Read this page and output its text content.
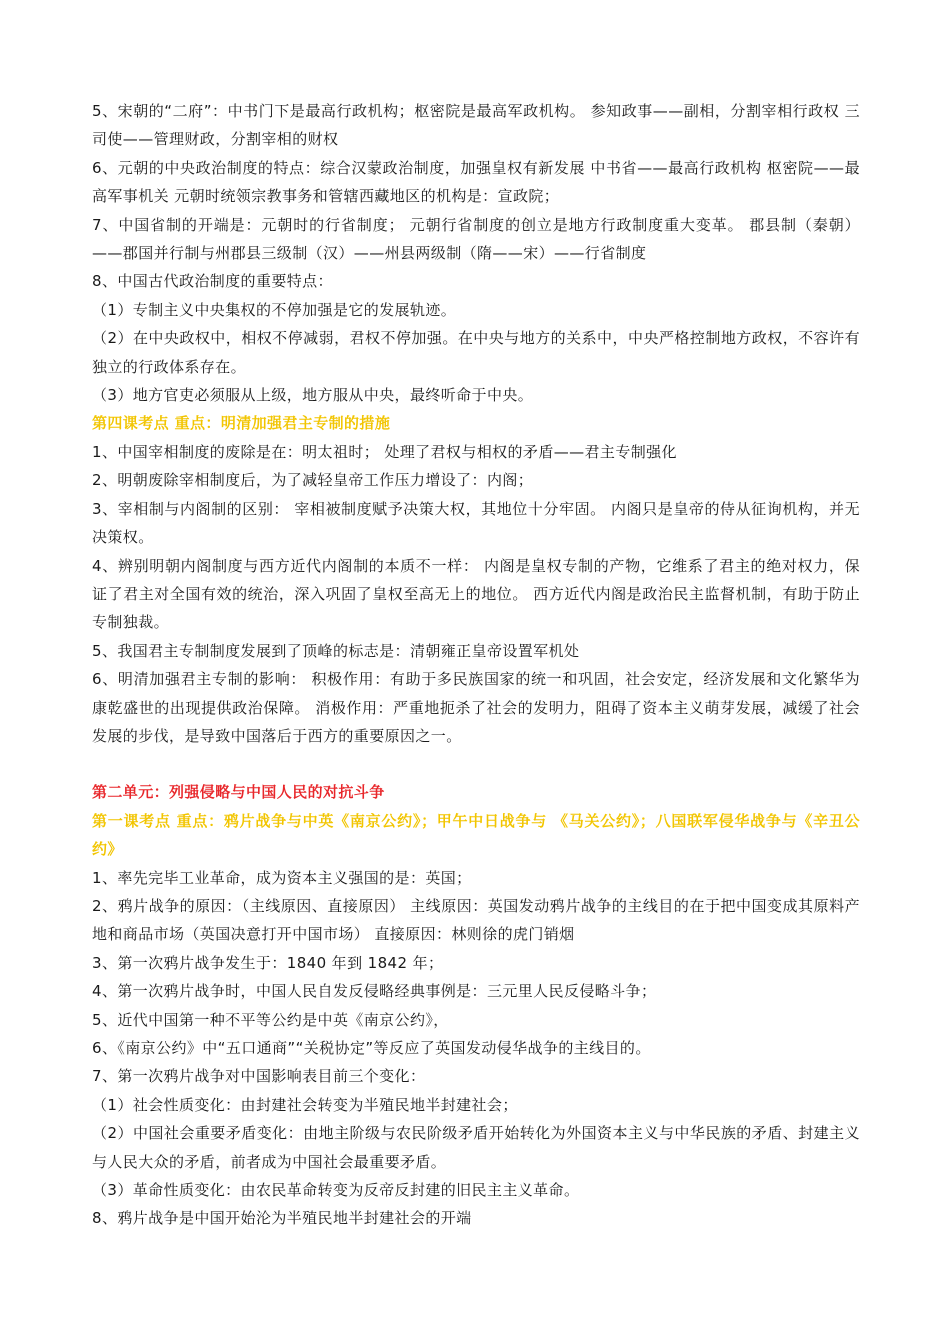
5、宋朝的“二府”：中书门下是最高行政机构；枢密院是最高军政机构。 参知政事——副相，分割宰相行政权 三司使——管理财政，分割宰相的财权

6、元朝的中央政治制度的特点：综合汉蒙政治制度，加强皇权有新发展 中书省——最高行政机构 枢密院——最高军事机关 元朝时统领宗教事务和管辖西藏地区的机构是：宣政院；

7、中国省制的开端是：元朝时的行省制度； 元朝行省制度的创立是地方行政制度重大变革。 郡县制（秦朝）——郡国并行制与州郡县三级制（汉）——州县两级制（隋——宋）——行省制度

8、中国古代政治制度的重要特点：

（1）专制主义中央集权的不停加强是它的发展轨迹。

（2）在中央政权中，相权不停减弱，君权不停加强。在中央与地方的关系中，中央严格控制地方政权，不容许有独立的行政体系存在。

（3）地方官吏必须服从上级，地方服从中央，最终听命于中央。

第四课考点 重点：明清加强君主专制的措施

1、中国宰相制度的废除是在：明太祖时； 处理了君权与相权的矛盾——君主专制强化

2、明朝废除宰相制度后，为了减轻皇帝工作压力增设了：内阁；

3、宰相制与内阁制的区别： 宰相被制度赋予决策大权，其地位十分牢固。 内阁只是皇帝的侍从征询机构，并无决策权。

4、辨别明朝内阁制度与西方近代内阁制的本质不一样： 内阁是皇权专制的产物，它维系了君主的绝对权力，保证了君主对全国有效的统治，深入巩固了皇权至高无上的地位。 西方近代内阁是政治民主监督机制，有助于防止专制独裁。

5、我国君主专制制度发展到了顶峰的标志是：清朝雍正皇帝设置军机处

6、明清加强君主专制的影响： 积极作用：有助于多民族国家的统一和巩固，社会安定，经济发展和文化繁华为康乾盛世的出现提供政治保障。 消极作用：严重地扼杀了社会的发明力，阻碍了资本主义萌芽发展，减缓了社会发展的步伐，是导致中国落后于西方的重要原因之一。

第二单元：列强侵略与中国人民的对抗斗争

第一课考点 重点：鸦片战争与中英《南京公约》；甲午中日战争与 《马关公约》；八国联军侵华战争与《辛丑公约》

1、率先完毕工业革命，成为资本主义强国的是：英国；

2、鸦片战争的原因：（主线原因、直接原因） 主线原因：英国发动鸦片战争的主线目的在于把中国变成其原料产地和商品市场（英国决意打开中国市场） 直接原因：林则徐的虎门销烟

3、第一次鸦片战争发生于：1840 年到 1842 年；

4、第一次鸦片战争时，中国人民自发反侵略经典事例是：三元里人民反侵略斗争；

5、近代中国第一种不平等公约是中英《南京公约》，

6、《南京公约》中“五口通商”“关税协定”等反应了英国发动侵华战争的主线目的。

7、第一次鸦片战争对中国影响表目前三个变化：

（1）社会性质变化：由封建社会转变为半殖民地半封建社会；

（2）中国社会重要矛盾变化：由地主阶级与农民阶级矛盾开始转化为外国资本主义与中华民族的矛盾、封建主义与人民大众的矛盾，前者成为中国社会最重要矛盾。

（3）革命性质变化：由农民革命转变为反帝反封建的旧民主主义革命。

8、鸦片战争是中国开始沦为半殖民地半封建社会的开端
